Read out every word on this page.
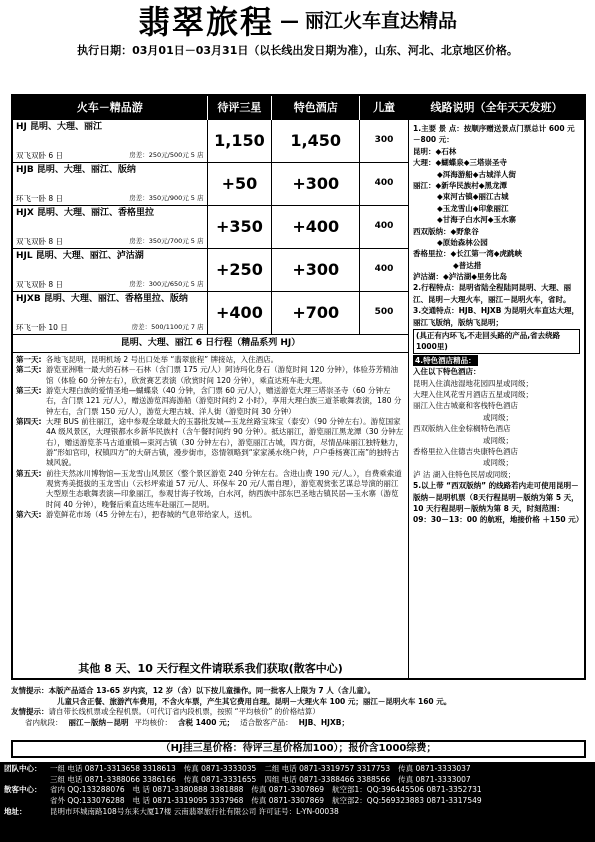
翡翠旅程 — 丽江火车直达精品
执行日期：03月01日－03月31日（以长线出发日期为准），山东、河北、北京地区价格。
火车－精品游	待评三星	特色酒店	儿童
HJ 昆明、大理、丽江
双飞双卧 6 日	房差：250元/500元 5 店
1,150	1,450	300
HJB 昆明、大理、丽江、版纳
环飞一卧 8 日	房差：350元/900元 5 店
+50	+300	400
HJX 昆明、大理、丽江、香格里拉
双飞双卧 8 日	房差：350元/700元 5 店
+350	+400	400
HJL 昆明、大理、丽江、泸沽湖
双飞双卧 8 日	房差：300元/650元 5 店
+250	+300	400
HJXB 昆明、大理、丽江、香格里拉、版纳
环飞一卧 10 日	房差：500/1100元 7 店
+400	+700	500
昆明、大理、丽江 6 日行程（精品系列 HJ）
第一天: 各地飞昆明，昆明机场 2 号出口处举 “翡翠旅程” 牌接站，入住酒店。
第二天: 游览亚洲唯一最大的石林－石林（含门票 175 元/人）阿诗玛化身石（游览时间 120 分钟），体验芬芳精油馆（体验 60 分钟左右），欣赏赛艺表演（欣赏时间 120 分钟），乘直达班车赴大理。
第三天: 游览大理白族的爱情圣地—蝴蝶泉（40 分钟，含门票 60 元/人），赠送游览大理三塔崇圣寺（60 分钟左右，含门票 121 元/人），赠送游览洱海游船（游览时间约 2 小时），享用大理白族三道茶歌舞表演，180 分钟左右，含门票 150 元/人），游览大理古城、洋人街（游览时间 30 分钟）
第四天: 大理 BUS 前往丽江，途中参观全球最大的玉器批发城—玉龙丝路宝珠宝（泰安）（90 分钟左右）。游览国家 4A 级风景区，大理银都水乡新华民族村（含午餐时间约 90 分钟）。抵达丽江，游览丽江黑龙潭（30 分钟左右），赠送游览茶马古道重镇—束河古镇（30 分钟左右），游览丽江古城，四方街，尽情品味丽江独特魅力，游“形如官印，权镇四方”的大研古镇，漫步街市，恣情领略到“家家溪水绕户转，户户垂杨赛江南”的独特古城风貌。
第五天: 前往天然冰川博物馆—玉龙雪山风景区（整个景区游览 240 分钟左右。含进山费 190 元/人。），自费乘索道观赏秀美挺拔的玉龙雪山（云杉坪索道 57 元/人、环保车 20 元/人需自理），游览观赏张艺谋总导演的丽江大型原生态歌舞表演—印象丽江，参观甘海子牧场，白水河，纳西族中部东巴圣地古镇民居—玉水寨（游览时间 40 分钟），晚餐后乘直达班车赴丽江—昆明。
第六天: 游览鲜花市场（45 分钟左右），把春城的气息带给家人，送机。
其他 8 天、10 天行程文件请联系我们获取(散客中心)
线路说明（全年天天发班）
1.主要 景 点：按顺序赠送景点门票总计 600 元－800 元：
昆明：◆石林
大理：◆蝴蝶泉◆三塔崇圣寺
◆洱海游船◆古城洋人街
丽江：◆新华民族村◆黑龙潭
◆束河古镇◆丽江古城
◆玉龙雪山◆印象丽江
◆甘海子白水河◆玉水寨
西双版纳：◆野象谷
◆原始森林公园
香格里拉：◆长江第一湾◆虎跳峡
◆普达措
泸沽湖：◆泸沽湖◆里务比岛
2.行程特点：昆明省陆全程陆同昆明、大理、丽江、昆明－大理火车，丽江－昆明火车，省时。
3.交通特点：HJB、HJXB 为昆明火车直达大理，丽江飞版纳，版纳飞昆明；
(具正有内环飞,不走回头路的产品,省去绕路1000里)
4.特色酒店精品：
入住以下特色酒店：
昆明入住滇池湿地花园四星或同级；
大理入住风花雪月酒店五星或同级；
丽江入住古城豪和客栈特色酒店
或同级；
西双版纳入住金棕榈特色酒店
或同级；
香格里拉入住德吉央康特色酒店
或同级；
泸 沽 湖入住特色民居或同级；
5.以上带 “西双版纳” 的线路若内走可使用昆明－版纳－昆明机票（8天行程昆明－版纳为第 5 天，10 天行程昆明－版纳为第 8 天，时刻范围：09：30－13：00 的航班，地接价格 ＋150 元）
友情提示：本版产品适合 13-65 岁内宾，12 岁（含）以下按儿童操作。同一批客人上限为 7 人（含儿童）。
儿童只含正餐、旅游汽车费用，不含火车票，产生其它费用自理。昆明－大理火车 100 元；丽江－昆明火车 160 元。
友情提示：请自带长线机票或全程机票。（可代订省内段机票，按照 “平均核价” 的价格结算）
省内航段： 丽江－版纳－昆明 平均核价： 含税 1400 元； 适合散客产品： HJB、HJXB；
（HJ挂三星价格：待评三星价格加100）；报价含1000综费；
团队中心：	一组 电话 0871-3313658 3318613 传真 0871-3333035 二组 电话 0871-3319757 3317753 传真 0871-3333037
三组 电话 0871-3388066 3386166 传真 0871-3331655 四组 电话 0871-3388466 3388566 传真 0871-3333007
散客中心：	省内 QQ:133288076 电 话 0871-3380888 3381888 传真 0871-3307869 航空部1：QQ:396445506 0871-3352731
省外 QQ:133076288 电 话 0871-3319095 3337968 传真 0871-3307869 航空部2：QQ:569323883 0871-3317549
地址：	昆明市环城南路108号东来大厦17楼 云南翡翠旅行社有限公司 许可证号：L-YN-00038
